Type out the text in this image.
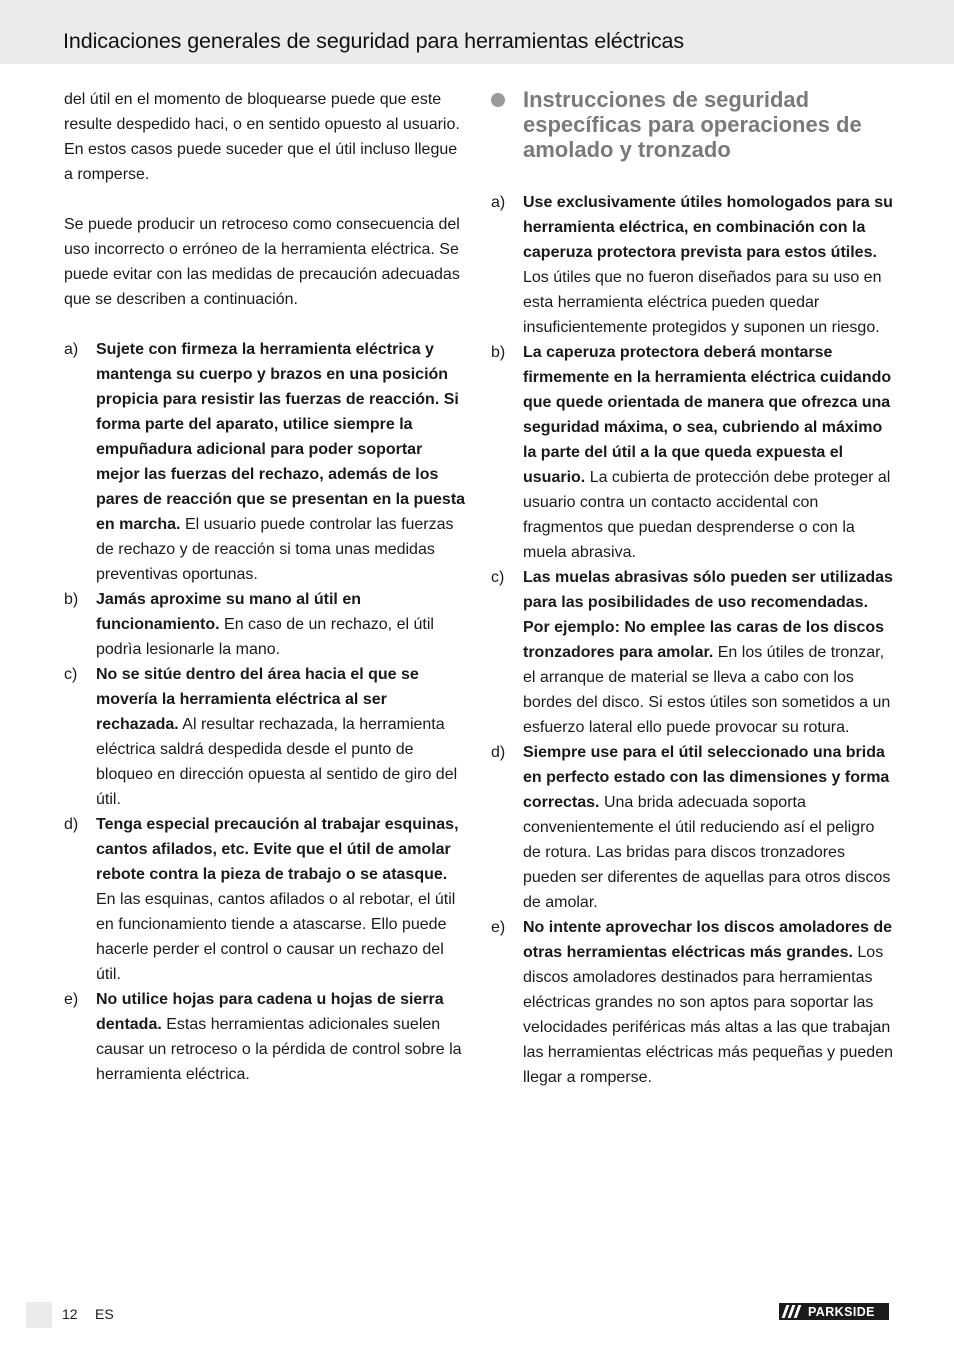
Indicaciones generales de seguridad para herramientas eléctricas

del útil en el momento de bloquearse puede que este resulte despedido haci, o en sentido opuesto al usuario. En estos casos puede suceder que el útil incluso llegue a romperse.

Se puede producir un retroceso como consecuencia del uso incorrecto o erróneo de la herramienta eléctrica. Se puede evitar con las medidas de precaución adecuadas que se describen a continuación.

a)	Sujete con firmeza la herramienta eléctrica y mantenga su cuerpo y brazos en una posición propicia para resistir las fuerzas de reacción. Si forma parte del aparato, utilice siempre la empuñadura adicional para poder soportar mejor las fuerzas del rechazo, además de los pares de reacción que se presentan en la puesta en marcha. El usuario puede controlar las fuerzas de rechazo y de reacción si toma unas medidas preventivas oportunas.
b)	Jamás aproxime su mano al útil en funcionamiento. En caso de un rechazo, el útil podrìa lesionarle la mano.
c)	No se sitúe dentro del área hacia el que se movería la herramienta eléctrica al ser rechazada. Al resultar rechazada, la herramienta eléctrica saldrá despedida desde el punto de bloqueo en dirección opuesta al sentido de giro del útil.
d)	Tenga especial precaución al trabajar esquinas, cantos afilados, etc. Evite que el útil de amolar rebote contra la pieza de trabajo o se atasque. En las esquinas, cantos afilados o al rebotar, el útil en funcionamiento tiende a atascarse. Ello puede hacerle perder el control o causar un rechazo del útil.
e)	No utilice hojas para cadena u hojas de sierra dentada. Estas herramientas adicionales suelen causar un retroceso o la pérdida de control sobre la herramienta eléctrica.
Instrucciones de seguridad específicas para operaciones de amolado y tronzado
a)	Use exclusivamente útiles homologados para su herramienta eléctrica, en combinación con la caperuza protectora prevista para estos útiles. Los útiles que no fueron diseñados para su uso en esta herramienta eléctrica pueden quedar insuficientemente protegidos y suponen un riesgo.
b)	La caperuza protectora deberá montarse firmemente en la herramienta eléctrica cuidando que quede orientada de manera que ofrezca una seguridad máxima, o sea, cubriendo al máximo la parte del útil a la que queda expuesta el usuario. La cubierta de protección debe proteger al usuario contra un contacto accidental con fragmentos que puedan desprenderse o con la muela abrasiva.
c)	Las muelas abrasivas sólo pueden ser utilizadas para las posibilidades de uso recomendadas. Por ejemplo: No emplee las caras de los discos tronzadores para amolar. En los útiles de tronzar, el arranque de material se lleva a cabo con los bordes del disco. Si estos útiles son sometidos a un esfuerzo lateral ello puede provocar su rotura.
d)	Siempre use para el útil seleccionado una brida en perfecto estado con las dimensiones y forma correctas. Una brida adecuada soporta convenientemente el útil reduciendo así el peligro de rotura. Las bridas para discos tronzadores pueden ser diferentes de aquellas para otros discos de amolar.
e)	No intente aprovechar los discos amoladores de otras herramientas eléctricas más grandes. Los discos amoladores destinados para herramientas eléctricas grandes no son aptos para soportar las velocidades periféricas más altas a las que trabajan las herramientas eléctricas más pequeñas y pueden llegar a romperse.
12 ES	PARKSIDE
